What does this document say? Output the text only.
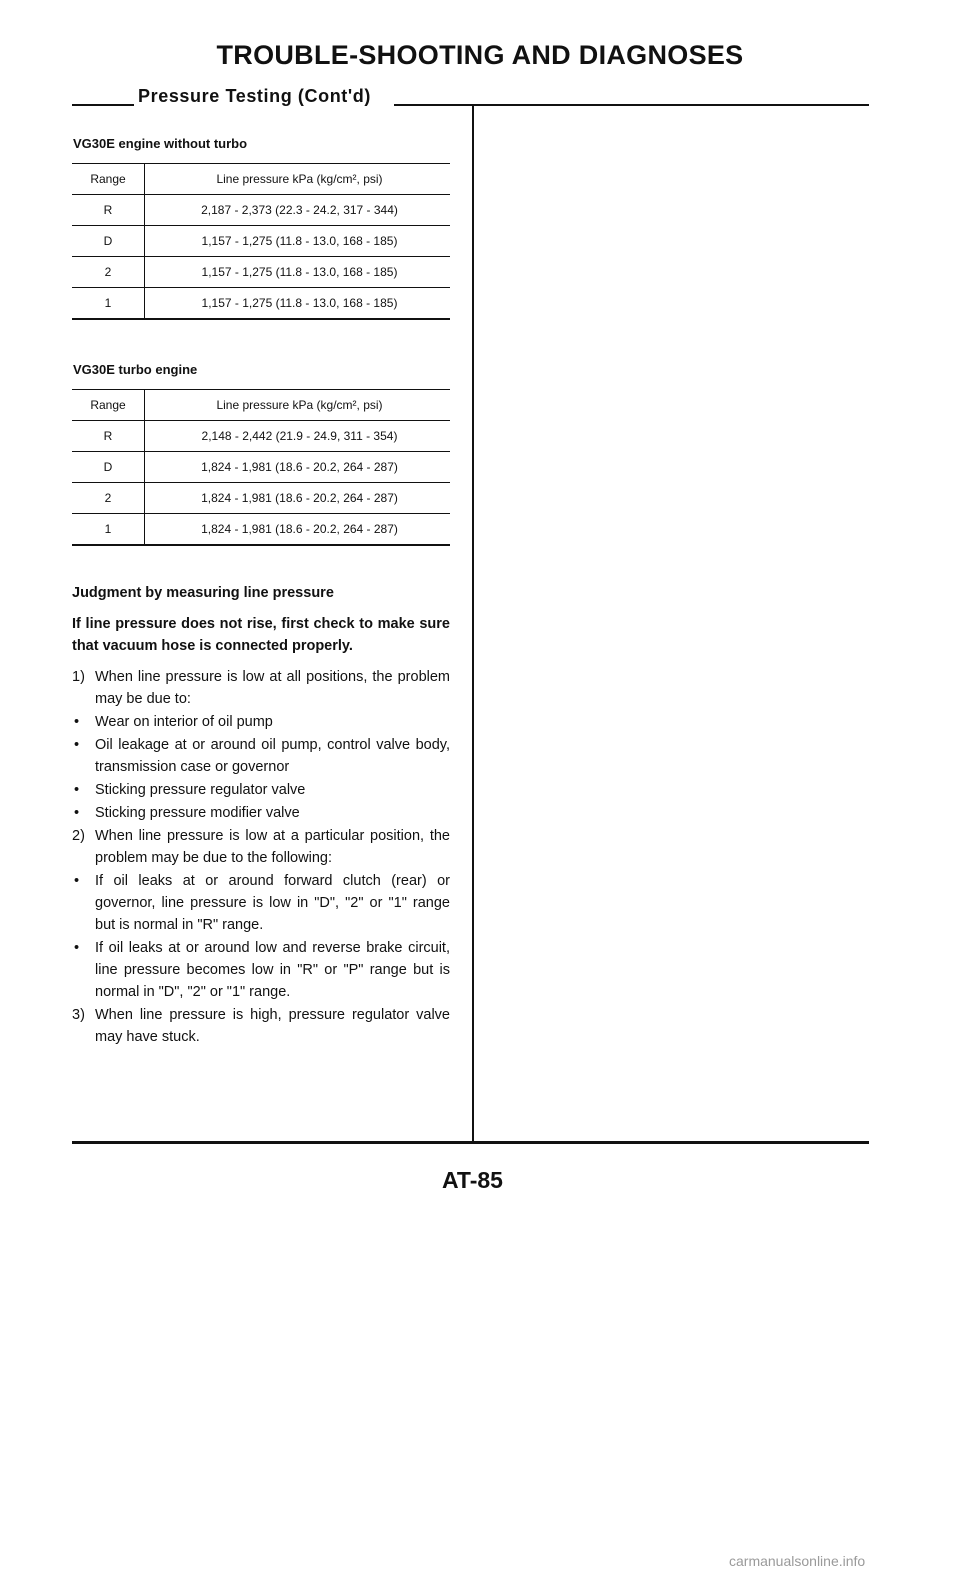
TROUBLE-SHOOTING AND DIAGNOSES
Pressure Testing (Cont'd)
VG30E engine without turbo
Range	Line pressure kPa (kg/cm², psi)
R	2,187 - 2,373 (22.3 - 24.2, 317 - 344)
D	1,157 - 1,275 (11.8 - 13.0, 168 - 185)
2	1,157 - 1,275 (11.8 - 13.0, 168 - 185)
1	1,157 - 1,275 (11.8 - 13.0, 168 - 185)
VG30E turbo engine
Range	Line pressure kPa (kg/cm², psi)
R	2,148 - 2,442 (21.9 - 24.9, 311 - 354)
D	1,824 - 1,981 (18.6 - 20.2, 264 - 287)
2	1,824 - 1,981 (18.6 - 20.2, 264 - 287)
1	1,824 - 1,981 (18.6 - 20.2, 264 - 287)

Judgment by measuring line pressure

If line pressure does not rise, first check to make sure that vacuum hose is connected properly.

1) When line pressure is low at all positions, the problem may be due to:
• Wear on interior of oil pump
• Oil leakage at or around oil pump, control valve body, transmission case or governor
• Sticking pressure regulator valve
• Sticking pressure modifier valve
2) When line pressure is low at a particular position, the problem may be due to the following:
• If oil leaks at or around forward clutch (rear) or governor, line pressure is low in "D", "2" or "1" range but is normal in "R" range.
• If oil leaks at or around low and reverse brake circuit, line pressure becomes low in "R" or "P" range but is normal in "D", "2" or "1" range.
3) When line pressure is high, pressure regulator valve may have stuck.
AT-85
carmanualsonline.info
